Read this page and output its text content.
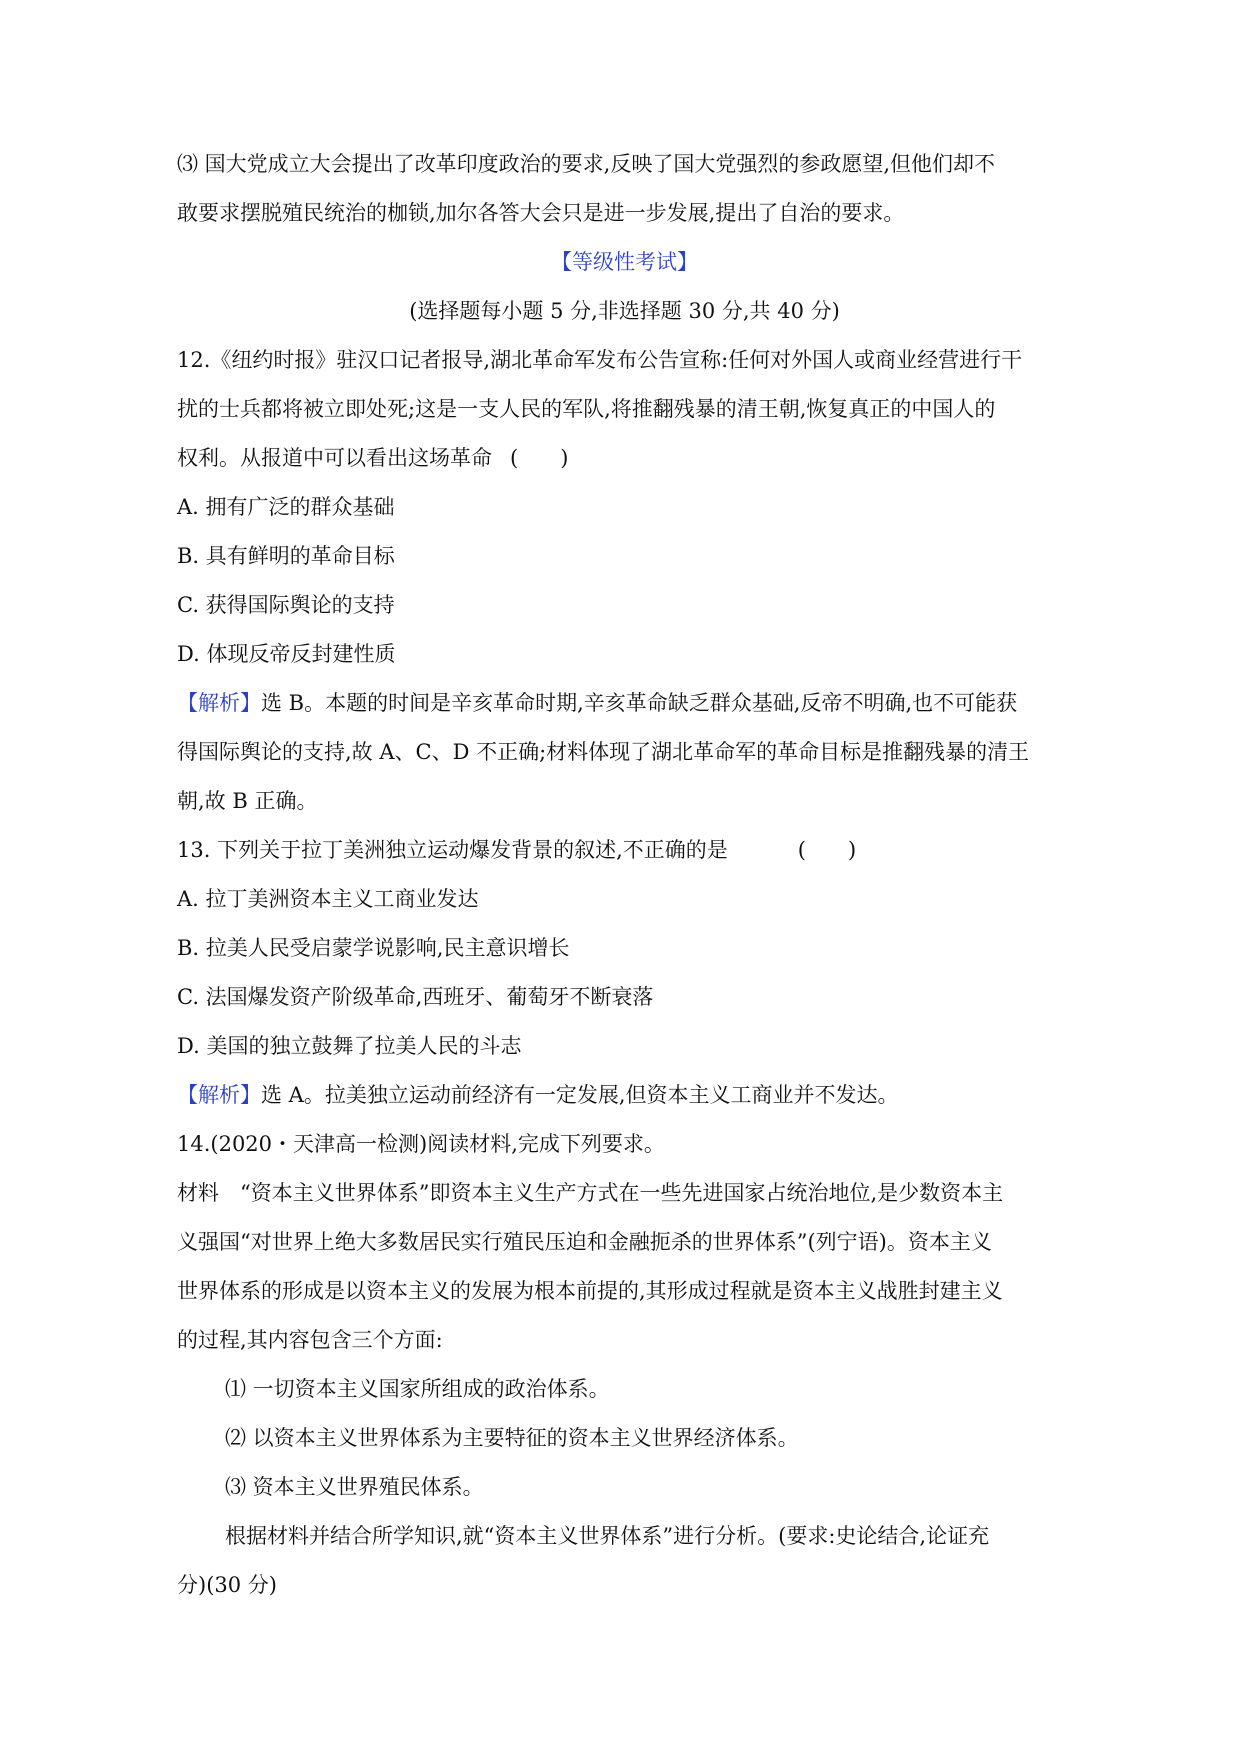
⑶ 国大党成立大会提出了改革印度政治的要求,反映了国大党强烈的参政愿望,但他们却不

敢要求摆脱殖民统治的枷锁,加尔各答大会只是进一步发展,提出了自治的要求。

【等级性考试】

(选择题每小题 5 分,非选择题 30 分,共 40 分)

12.《纽约时报》驻汉口记者报导,湖北革命军发布公告宣称:任何对外国人或商业经营进行干

扰的士兵都将被立即处死;这是一支人民的军队,将推翻残暴的清王朝,恢复真正的中国人的

权利。从报道中可以看出这场革命 (　　)

A. 拥有广泛的群众基础

B. 具有鲜明的革命目标

C. 获得国际舆论的支持

D. 体现反帝反封建性质

【解析】选 B。本题的时间是辛亥革命时期,辛亥革命缺乏群众基础,反帝不明确,也不可能获

得国际舆论的支持,故 A、C、D 不正确;材料体现了湖北革命军的革命目标是推翻残暴的清王

朝,故 B 正确。

13. 下列关于拉丁美洲独立运动爆发背景的叙述,不正确的是	(　　)

A. 拉丁美洲资本主义工商业发达

B. 拉美人民受启蒙学说影响,民主意识增长

C. 法国爆发资产阶级革命,西班牙、葡萄牙不断衰落

D. 美国的独立鼓舞了拉美人民的斗志

【解析】选 A。拉美独立运动前经济有一定发展,但资本主义工商业并不发达。

14.(2020・天津高一检测)阅读材料,完成下列要求。

材料　“资本主义世界体系”即资本主义生产方式在一些先进国家占统治地位,是少数资本主

义强国“对世界上绝大多数居民实行殖民压迫和金融扼杀的世界体系”(列宁语)。资本主义

世界体系的形成是以资本主义的发展为根本前提的,其形成过程就是资本主义战胜封建主义

的过程,其内容包含三个方面:

⑴ 一切资本主义国家所组成的政治体系。

⑵ 以资本主义世界体系为主要特征的资本主义世界经济体系。

⑶ 资本主义世界殖民体系。

根据材料并结合所学知识,就“资本主义世界体系”进行分析。(要求:史论结合,论证充

分)(30 分)
